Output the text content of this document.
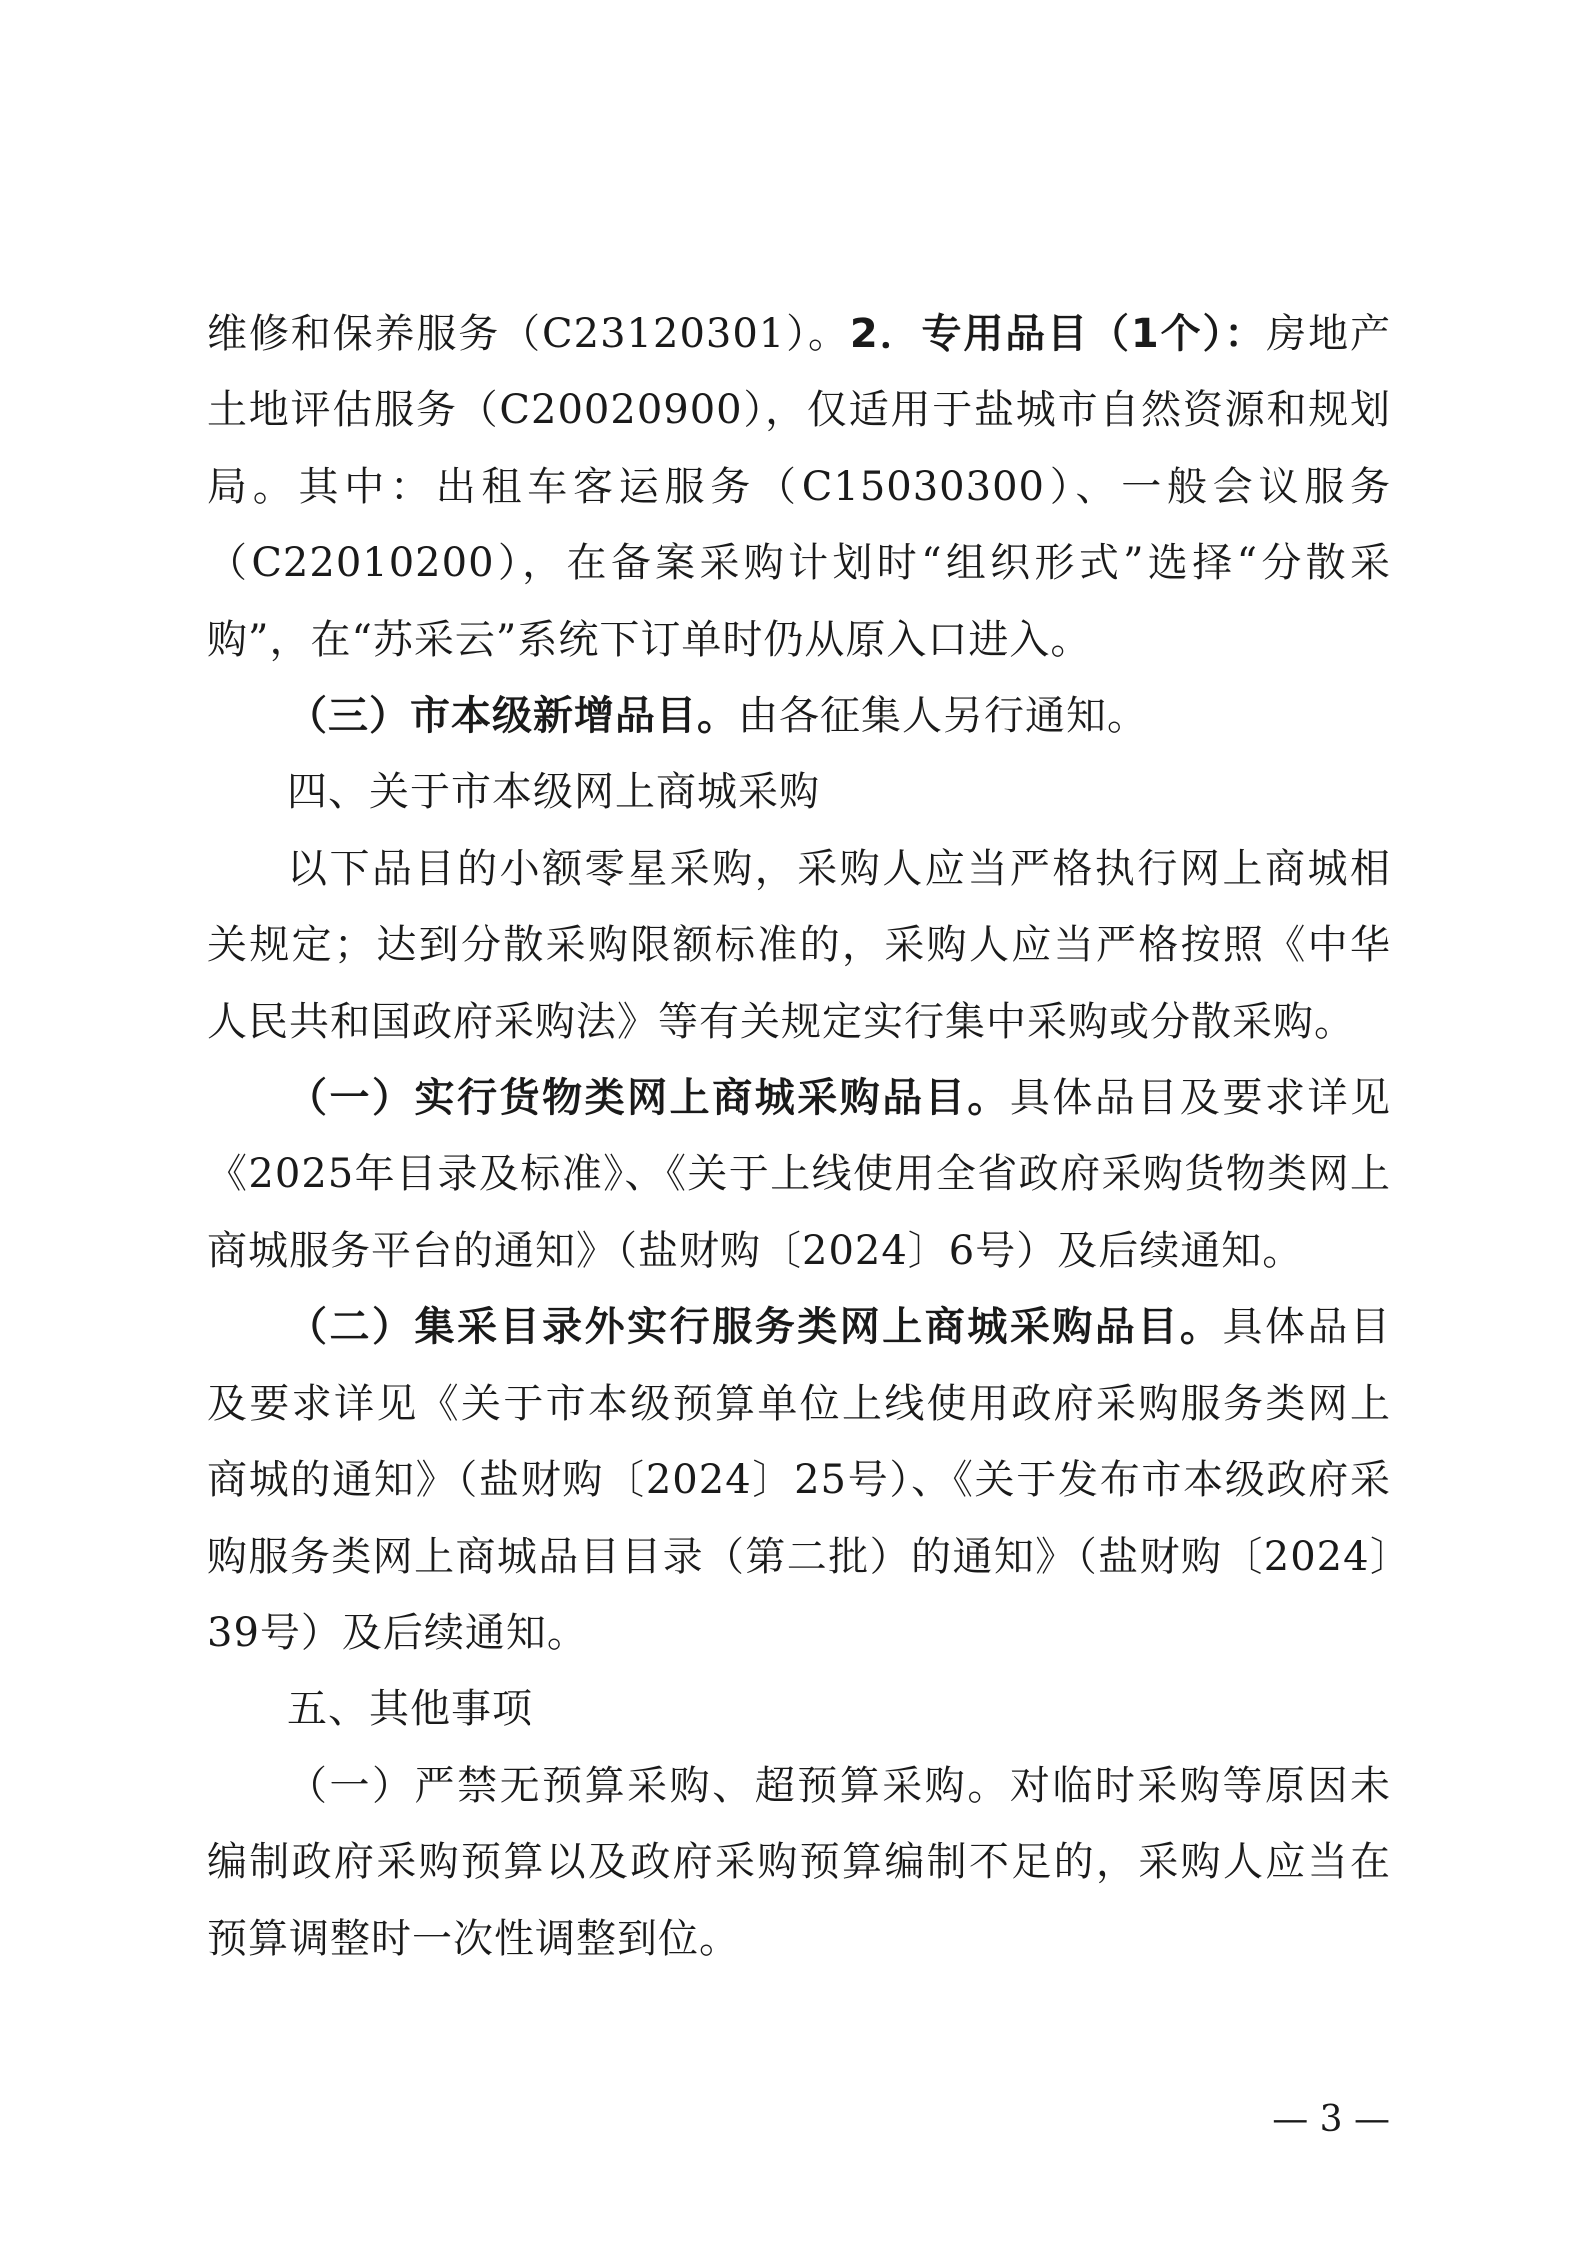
维修和保养服务（C23120301）。2．专用品目（1个）：房地产土地评估服务（C20020900），仅适用于盐城市自然资源和规划局。其中：出租车客运服务（C15030300）、一般会议服务（C22010200），在备案采购计划时“组织形式”选择“分散采购”，在“苏采云”系统下订单时仍从原入口进入。

（三）市本级新增品目。由各征集人另行通知。

四、关于市本级网上商城采购

以下品目的小额零星采购，采购人应当严格执行网上商城相关规定；达到分散采购限额标准的，采购人应当严格按照《中华人民共和国政府采购法》等有关规定实行集中采购或分散采购。

（一）实行货物类网上商城采购品目。具体品目及要求详见《2025年目录及标准》、《关于上线使用全省政府采购货物类网上商城服务平台的通知》（盐财购〔2024〕6号）及后续通知。

（二）集采目录外实行服务类网上商城采购品目。具体品目及要求详见《关于市本级预算单位上线使用政府采购服务类网上商城的通知》（盐财购〔2024〕25号）、《关于发布市本级政府采购服务类网上商城品目目录（第二批）的通知》（盐财购〔2024〕39号）及后续通知。

五、其他事项

（一）严禁无预算采购、超预算采购。对临时采购等原因未编制政府采购预算以及政府采购预算编制不足的，采购人应当在预算调整时一次性调整到位。

— 3 —
